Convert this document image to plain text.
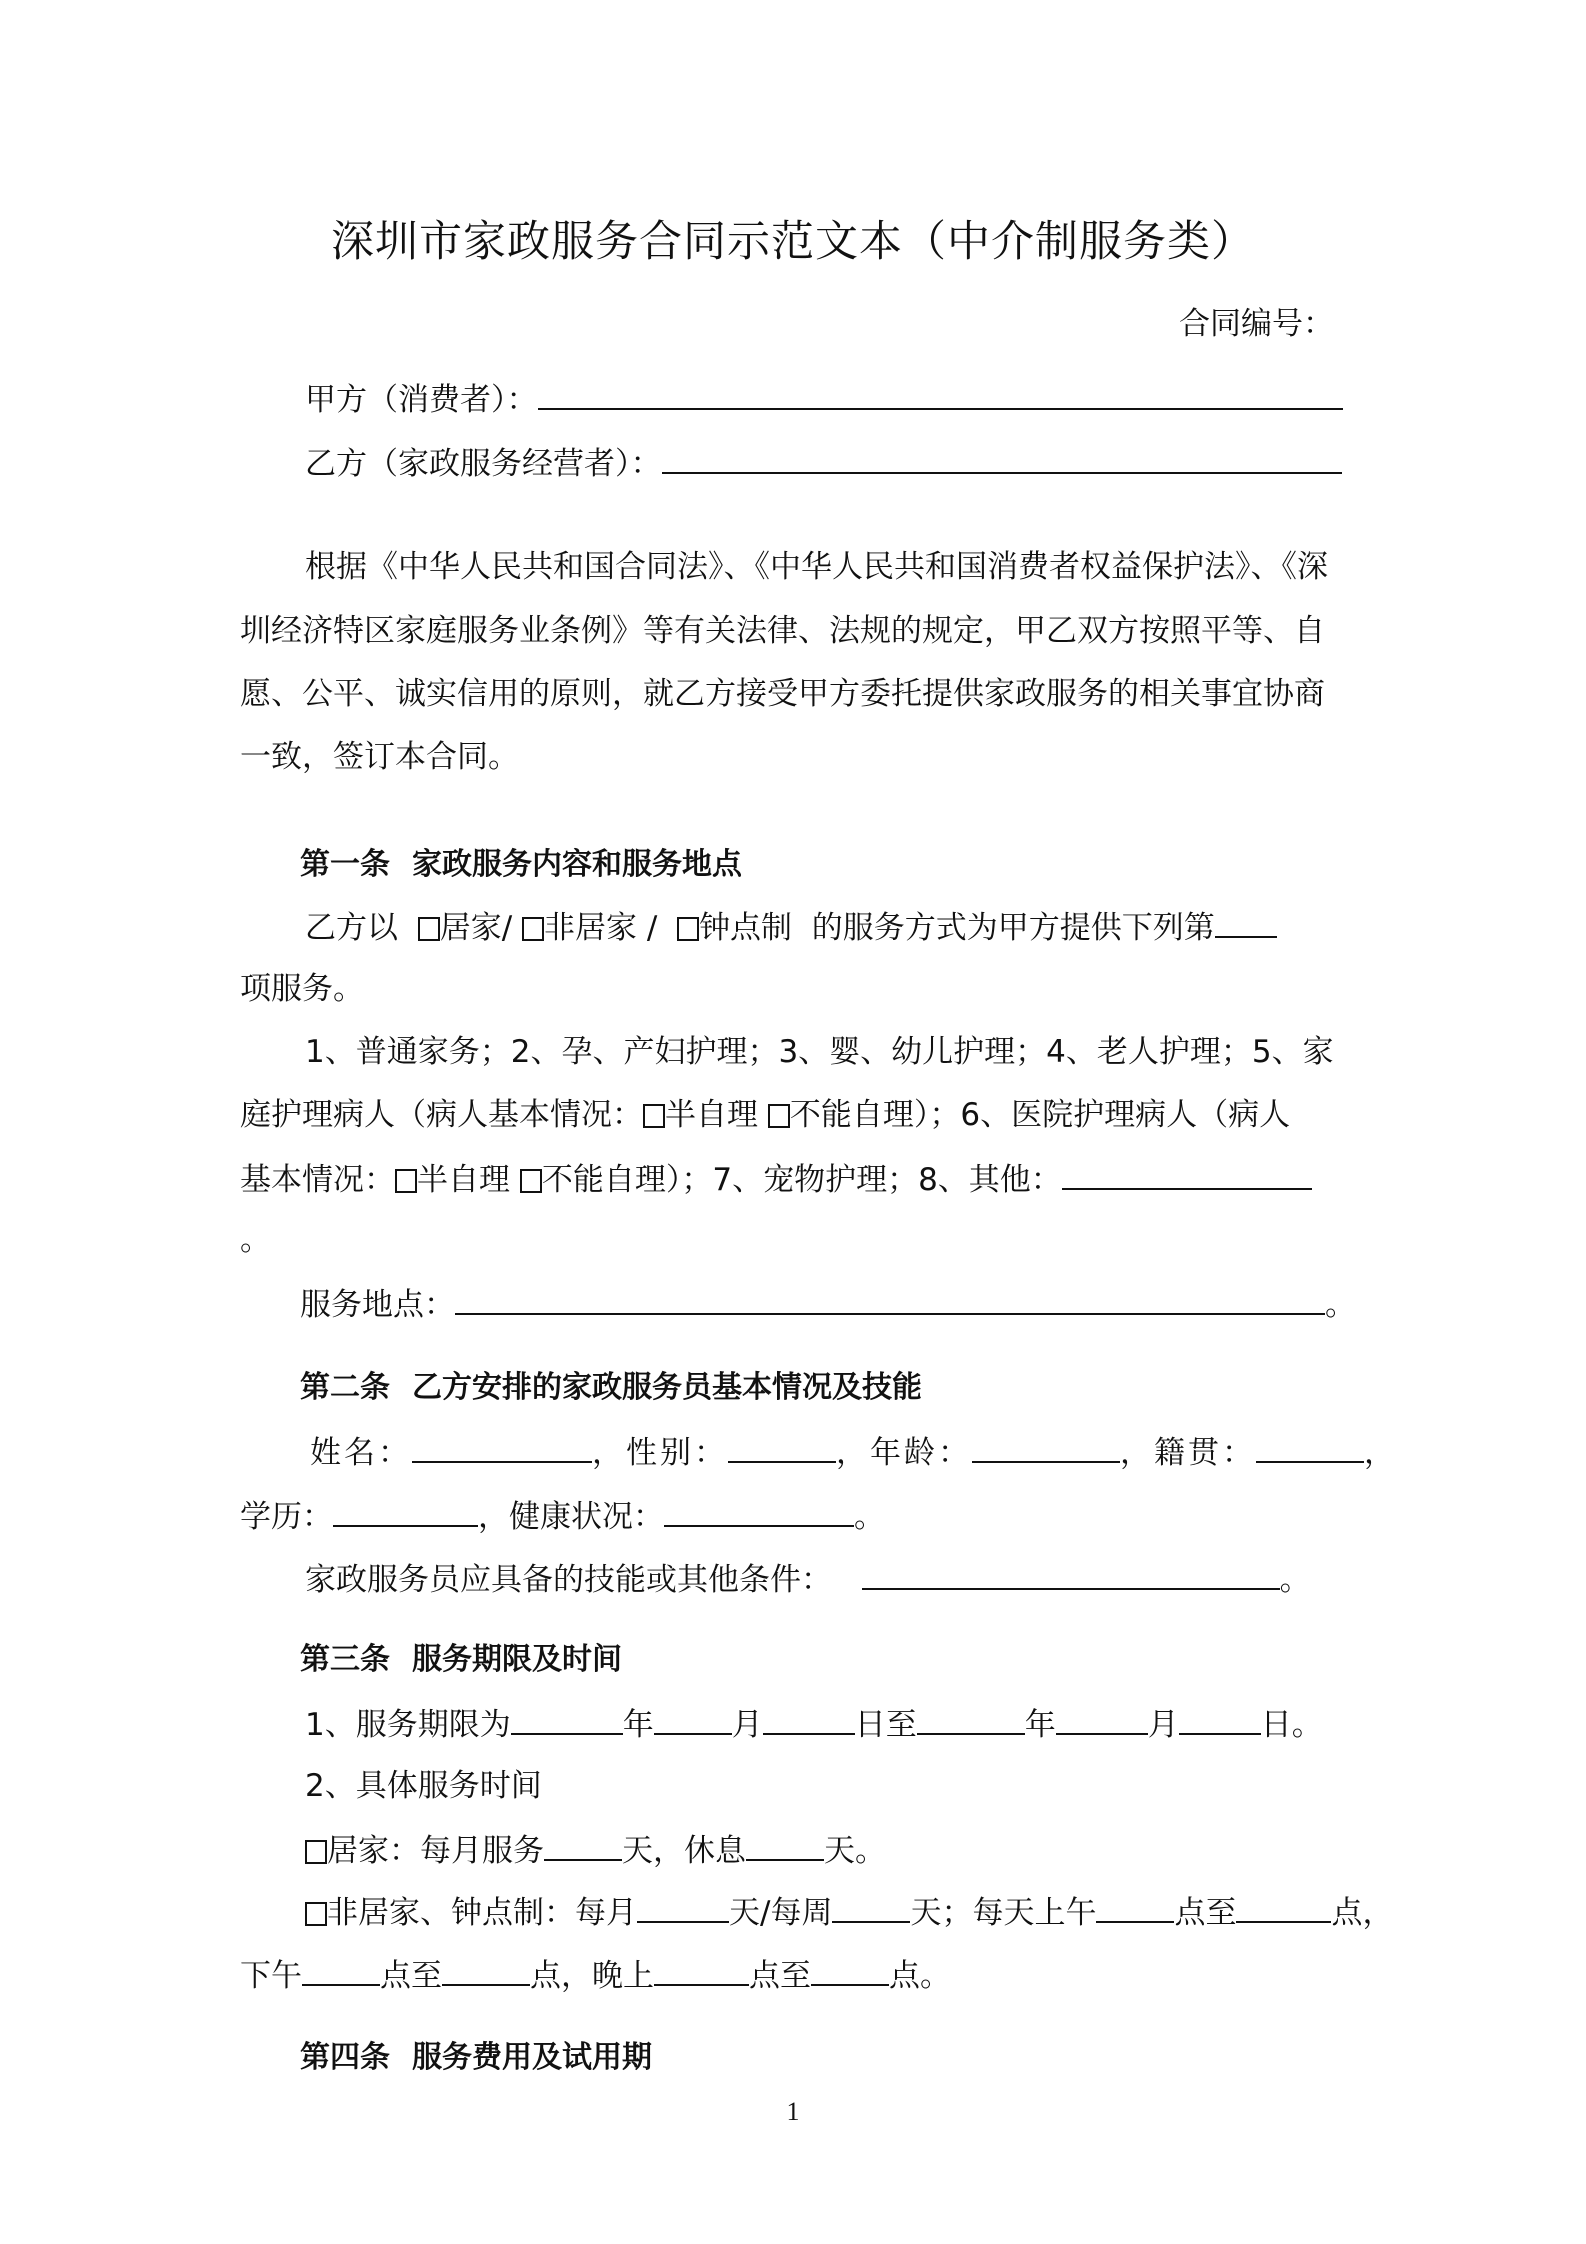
深圳市家政服务合同示范文本（中介制服务类）
合同编号：
甲方（消费者）：
乙方（家政服务经营者）：
根据《中华人民共和国合同法》、《中华人民共和国消费者权益保护法》、《深
圳经济特区家庭服务业条例》等有关法律、法规的规定，甲乙双方按照平等、自
愿、公平、诚实信用的原则，就乙方接受甲方委托提供家政服务的相关事宜协商
一致，签订本合同。
第一条 家政服务内容和服务地点
乙方以 居家/ 非居家 / 钟点制 的服务方式为甲方提供下列第
项服务。
1、普通家务；2、孕、产妇护理；3、婴、幼儿护理；4、老人护理；5、家
庭护理病人（病人基本情况： 半自理 不能自理）；6、医院护理病人（病人
基本情况： 半自理 不能自理）；7、宠物护理；8、其他：
。
服务地点：	。
第二条 乙方安排的家政服务员基本情况及技能
姓名：	，性别：	，年龄：	，籍贯：	，
学历：	，健康状况：	。
家政服务员应具备的技能或其他条件：	。
第三条 服务期限及时间
1、服务期限为	年	月	日至	年	月	日。
2、具体服务时间
居家：每月服务	天，休息	天。
非居家、钟点制：每月	天/每周	天；每天上午	点至	点，
下午	点至	点，晚上	点至	点。
第四条 服务费用及试用期
1
